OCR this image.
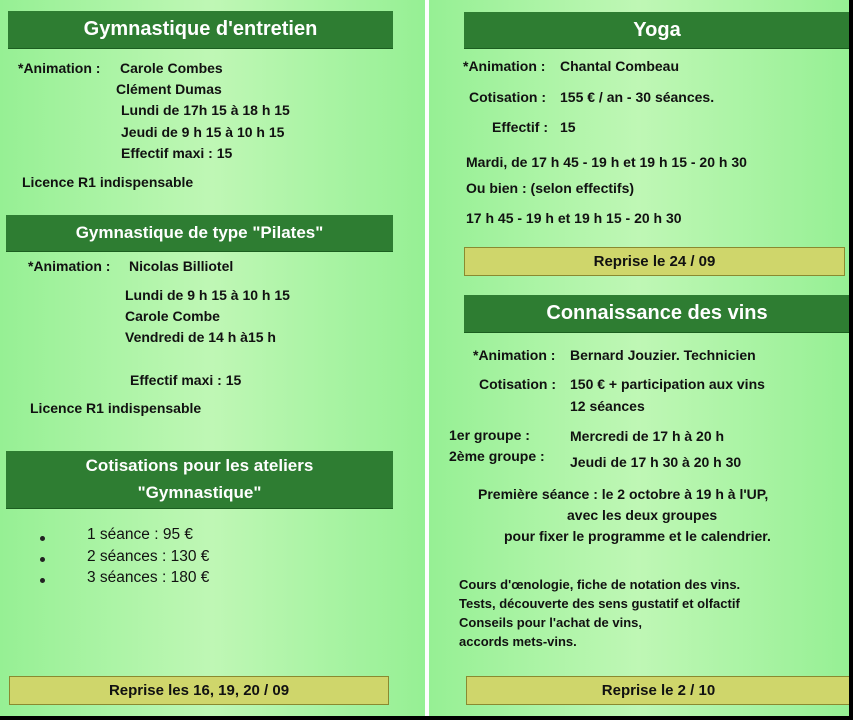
Gymnastique d'entretien
*Animation : Carole Combes
Clément Dumas
Lundi de 17h 15 à 18 h 15
Jeudi de 9 h 15 à 10 h 15
Effectif maxi : 15
Licence R1 indispensable
Gymnastique de type "Pilates"
*Animation : Nicolas Billiotel
Lundi de 9 h 15 à 10 h 15
Carole Combe
Vendredi de 14 h à15 h
Effectif maxi : 15
Licence R1 indispensable
Cotisations pour les ateliers
"Gymnastique"
1 séance : 95 €
2 séances : 130 €
3 séances : 180 €
Reprise les 16, 19, 20 / 09
Yoga
*Animation : Chantal Combeau
Cotisation : 155 € / an - 30 séances.
Effectif : 15
Mardi, de 17 h 45 - 19 h et 19 h 15 - 20 h 30
Ou bien : (selon effectifs)
17 h 45 - 19 h et 19 h 15 - 20 h 30
Reprise le 24 / 09
Connaissance des vins
*Animation : Bernard Jouzier. Technicien
Cotisation : 150 € + participation aux vins
12 séances
1er groupe :	Mercredi de 17 h à 20 h
2ème groupe : Jeudi de 17 h 30 à 20 h 30
Première séance : le 2 octobre à 19 h à l'UP,
avec les deux groupes
pour fixer le programme et le calendrier.
Cours d'œnologie, fiche de notation des vins.
Tests, découverte des sens gustatif et olfactif
Conseils pour l'achat de vins,
accords mets-vins.
Reprise le 2 / 10
